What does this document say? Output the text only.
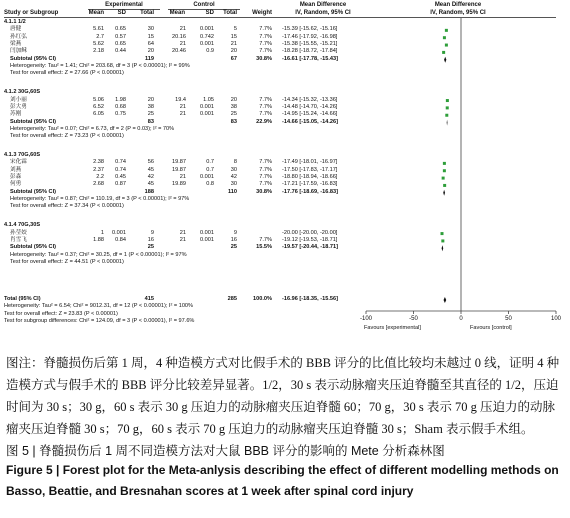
Experimental	Control	Mean Difference	Mean Difference
Study or Subgroup	Mean	SD	Total	Mean	SD	Total	Weight	IV, Random, 95% CI	IV, Random, 95% CI
4.1.1 1/2
唐健	5.61	0.65	30	21	0.001	5	7.7% -15.39 [-15.62, -15.16]
孙红弘	2.7	0.57	15	20.16	0.742	15	7.7% -17.46 [-17.92, -16.98]
梁燕	5.62	0.65	64	21	0.001	21	7.7% -15.38 [-15.55, -15.21]
闫加稣	2.18	0.44	20	20.46	0.9	20	7.7% -18.28 [-18.72, -17.84]
Subtotal (95% CI)	119	67	30.8% -16.61 [-17.78, -15.43]
Heterogeneity: Tau² = 1.41; Chi² = 203.68, df = 3 (P < 0.00001); I² = 99%
Test for overall effect: Z = 27.66 (P < 0.00001)
4.1.2 30G,60S
刘小丽	5.06	1.98	20	19.4	1.05	20	7.7% -14.34 [-15.32, -13.36]
彭大勇	6.52	0.68	38	21	0.001	38	7.7% -14.48 [-14.70, -14.26]
苏刚	6.05	0.75	25	21	0.001	25	7.7% -14.95 [-15.24, -14.66]
Subtotal (95% CI)	83	83	22.9% -14.66 [-15.05, -14.26]
Heterogeneity: Tau² = 0.07; Chi² = 6.73, df = 2 (P = 0.03); I² = 70%
Test for overall effect: Z = 73.23 (P < 0.00001)
4.1.3 70G,60S
宋化霖	2.38	0.74	56	19.87	0.7	8	7.7% -17.49 [-18.01, -16.97]
刘燕	2.37	0.74	45	19.87	0.7	30	7.7% -17.50 [-17.83, -17.17]
彭森	2.2	0.45	42	21	0.001	42	7.7% -18.80 [-18.94, -18.66]
何勇	2.68	0.87	45	19.89	0.8	30	7.7% -17.21 [-17.59, -16.83]
Subtotal (95% CI)	188	110	30.8% -17.76 [-18.69, -16.83]
Heterogeneity: Tau² = 0.87; Chi² = 110.19, df = 3 (P < 0.00001); I² = 97%
Test for overall effect: Z = 37.34 (P < 0.00001)
4.1.4 70G,30S
孙莹姣	1	0.001	9	21	0.001	9	-20.00 [-20.00, -20.00]
肖雪飞	1.88	0.84	16	21	0.001	16	7.7% -19.12 [-19.53, -18.71]
Subtotal (95% CI)	25	25	15.5% -19.57 [-20.44, -18.71]
Heterogeneity: Tau² = 0.37; Chi² = 30.25, df = 1 (P < 0.00001); I² = 97%
Test for overall effect: Z = 44.51 (P < 0.00001)
Total (95% CI)	415	285	100.0% -16.96 [-18.35, -15.56]
Heterogeneity: Tau² = 6.54; Chi² = 9012.31, df = 12 (P < 0.00001); I² = 100%
Test for overall effect: Z = 23.83 (P < 0.00001)
Test for subgroup differences: Chi² = 124.09, df = 3 (P < 0.00001), I² = 97.6%	-100	-50	0	50	100
Favours [experimental]	Favours [control]
图注：脊髓损伤后第 1 周，4 种造模方式对比假手术的 BBB 评分的比值比较均未越过 0 线，证明 4 种造模方式与假手术的 BBB 评分比较差异显著。1/2，30 s 表示动脉瘤夹压迫脊髓至其直径的 1/2，压迫时间为 30 s；30 g，60 s 表示 30 g 压迫力的动脉瘤夹压迫脊髓 60；70 g，30 s 表示 70 g 压迫力的动脉瘤夹压迫脊髓 30 s；70 g，60 s 表示 70 g 压迫力的动脉瘤夹压迫脊髓 30 s；Sham 表示假手术组。
图 5 | 脊髓损伤后 1 周不同造模方法对大鼠 BBB 评分的影响的 Mete 分析森林图
Figure 5 | Forest plot for the Meta-anlysis describing the effect of different modelling methods on Basso, Beattie, and Bresnahan scores at 1 week after spinal cord injury
